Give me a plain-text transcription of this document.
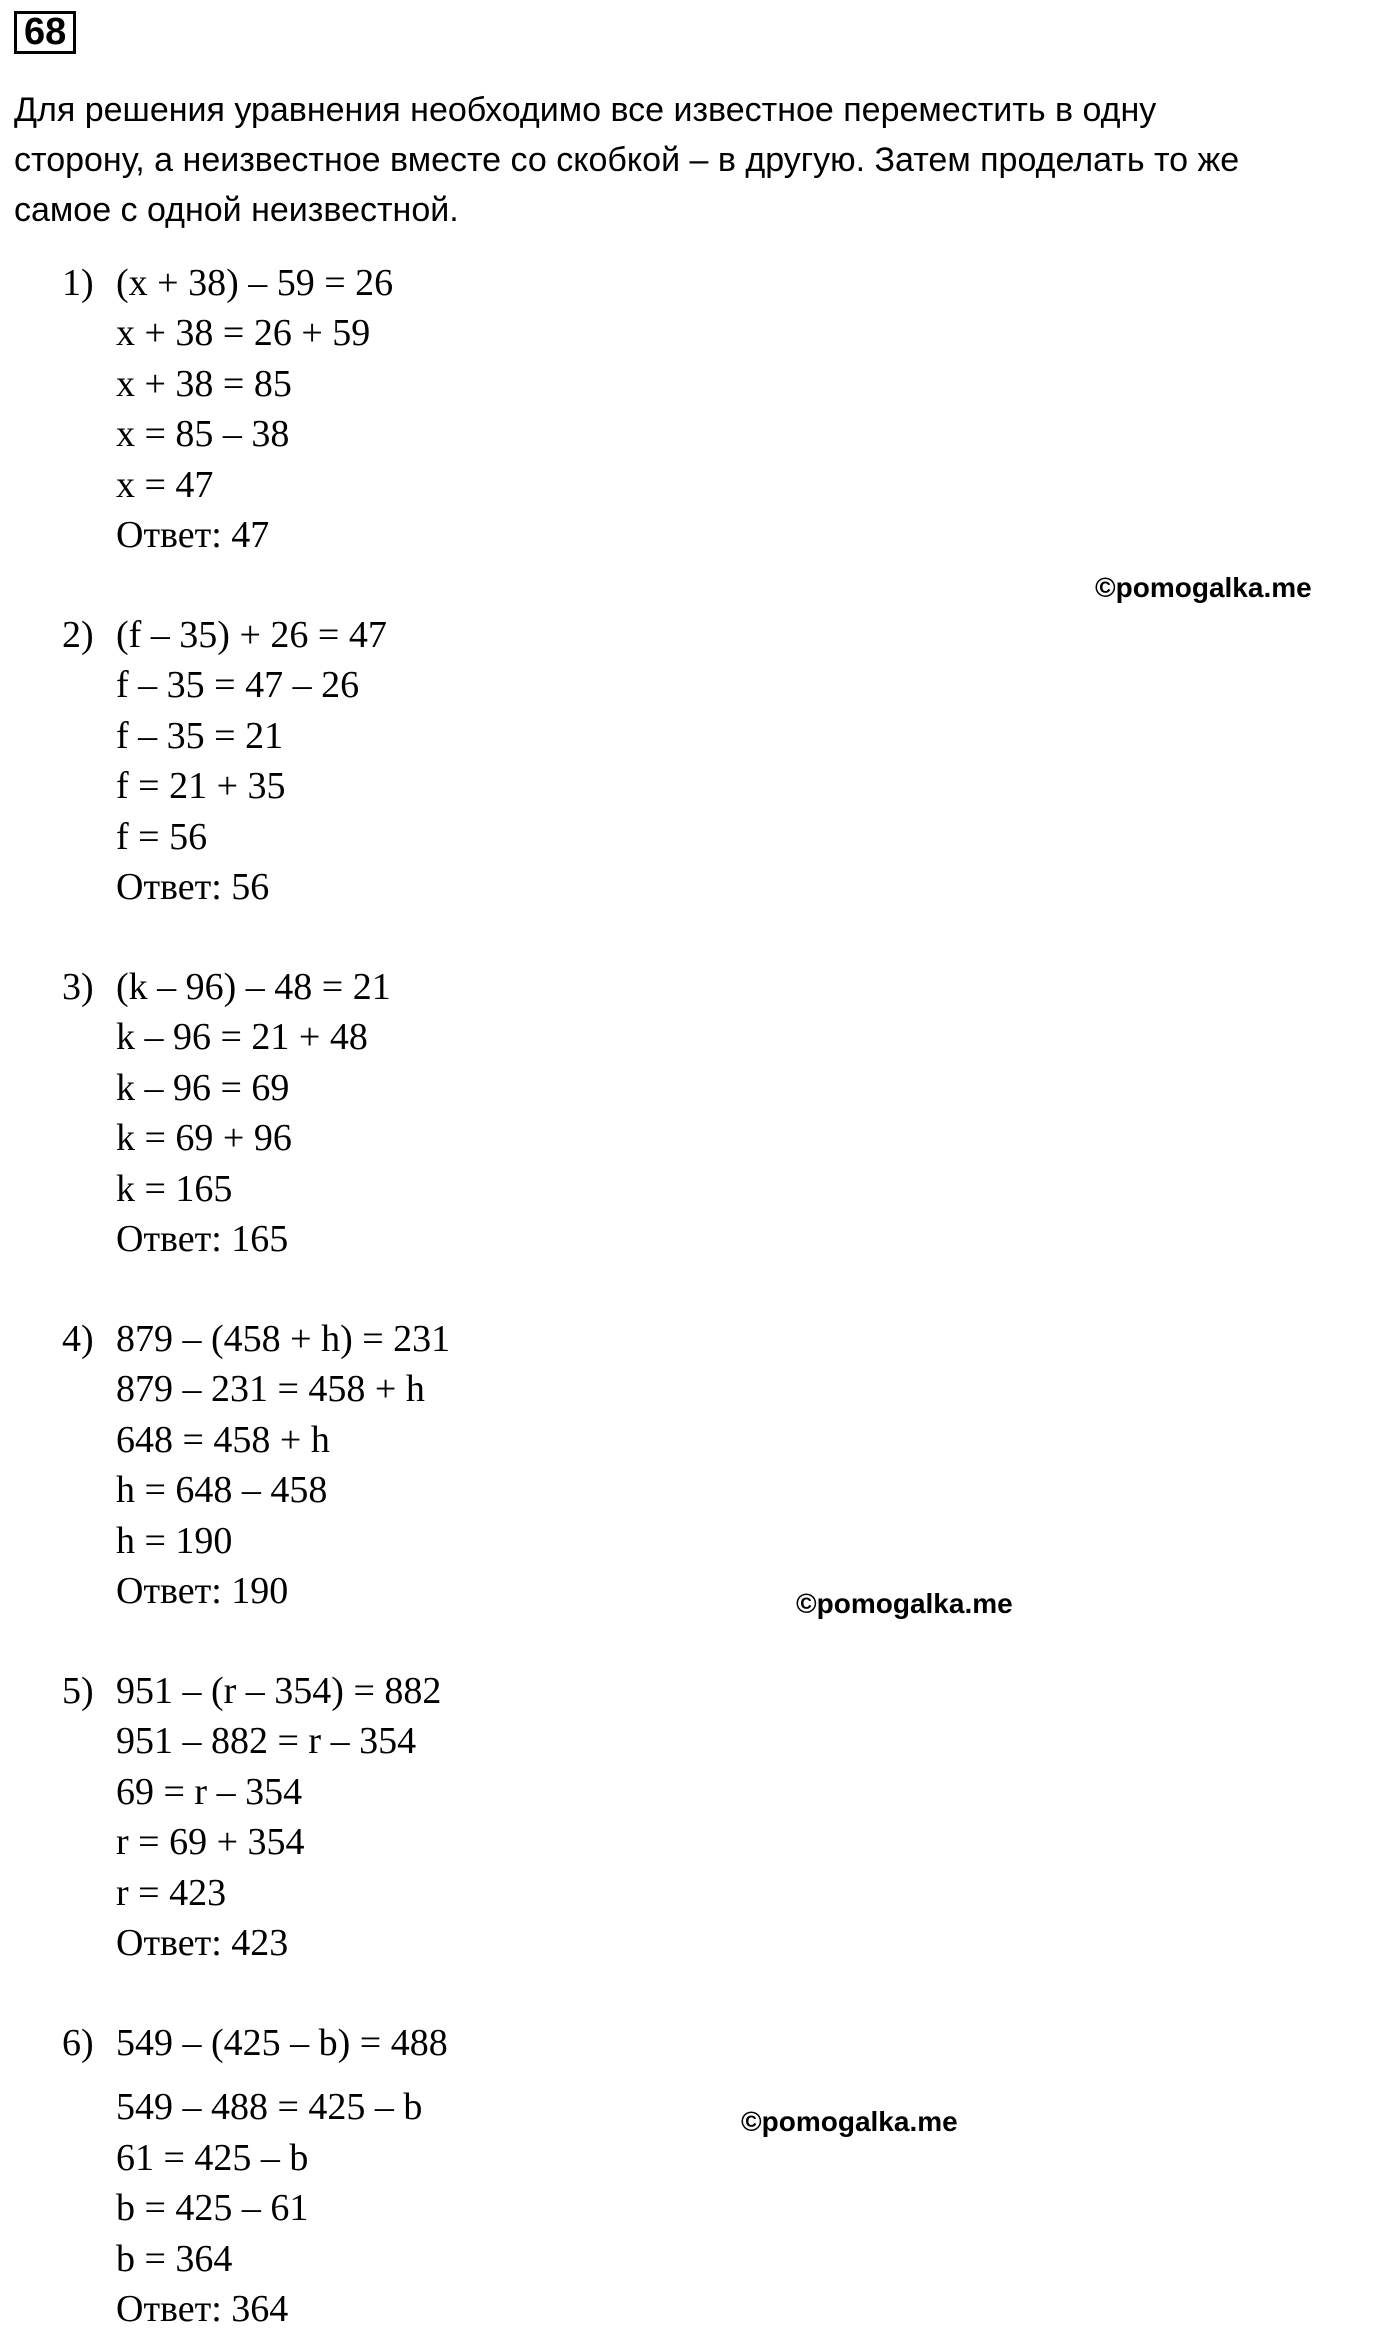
68
Для решения уравнения необходимо все известное переместить в одну
сторону, а неизвестное вместе со скобкой – в другую. Затем проделать то же
самое с одной неизвестной.
1) (x + 38) – 59 = 26
x + 38 = 26 + 59
x + 38 = 85
x = 85 – 38
x = 47
Ответ: 47
2) (f – 35) + 26 = 47
f – 35 = 47 – 26
f – 35 = 21
f = 21 + 35
f = 56
Ответ: 56
3) (k – 96) – 48 = 21
k – 96 = 21 + 48
k – 96 = 69
k = 69 + 96
k = 165
Ответ: 165
4) 879 – (458 + h) = 231
879 – 231 = 458 + h
648 = 458 + h
h = 648 – 458
h = 190
Ответ: 190
5) 951 – (r – 354) = 882
951 – 882 = r – 354
69 = r – 354
r = 69 + 354
r = 423
Ответ: 423
6) 549 – (425 – b) = 488
549 – 488 = 425 – b
61 = 425 – b
b = 425 – 61
b = 364
Ответ: 364
©pomogalka.me
©pomogalka.me
©pomogalka.me
